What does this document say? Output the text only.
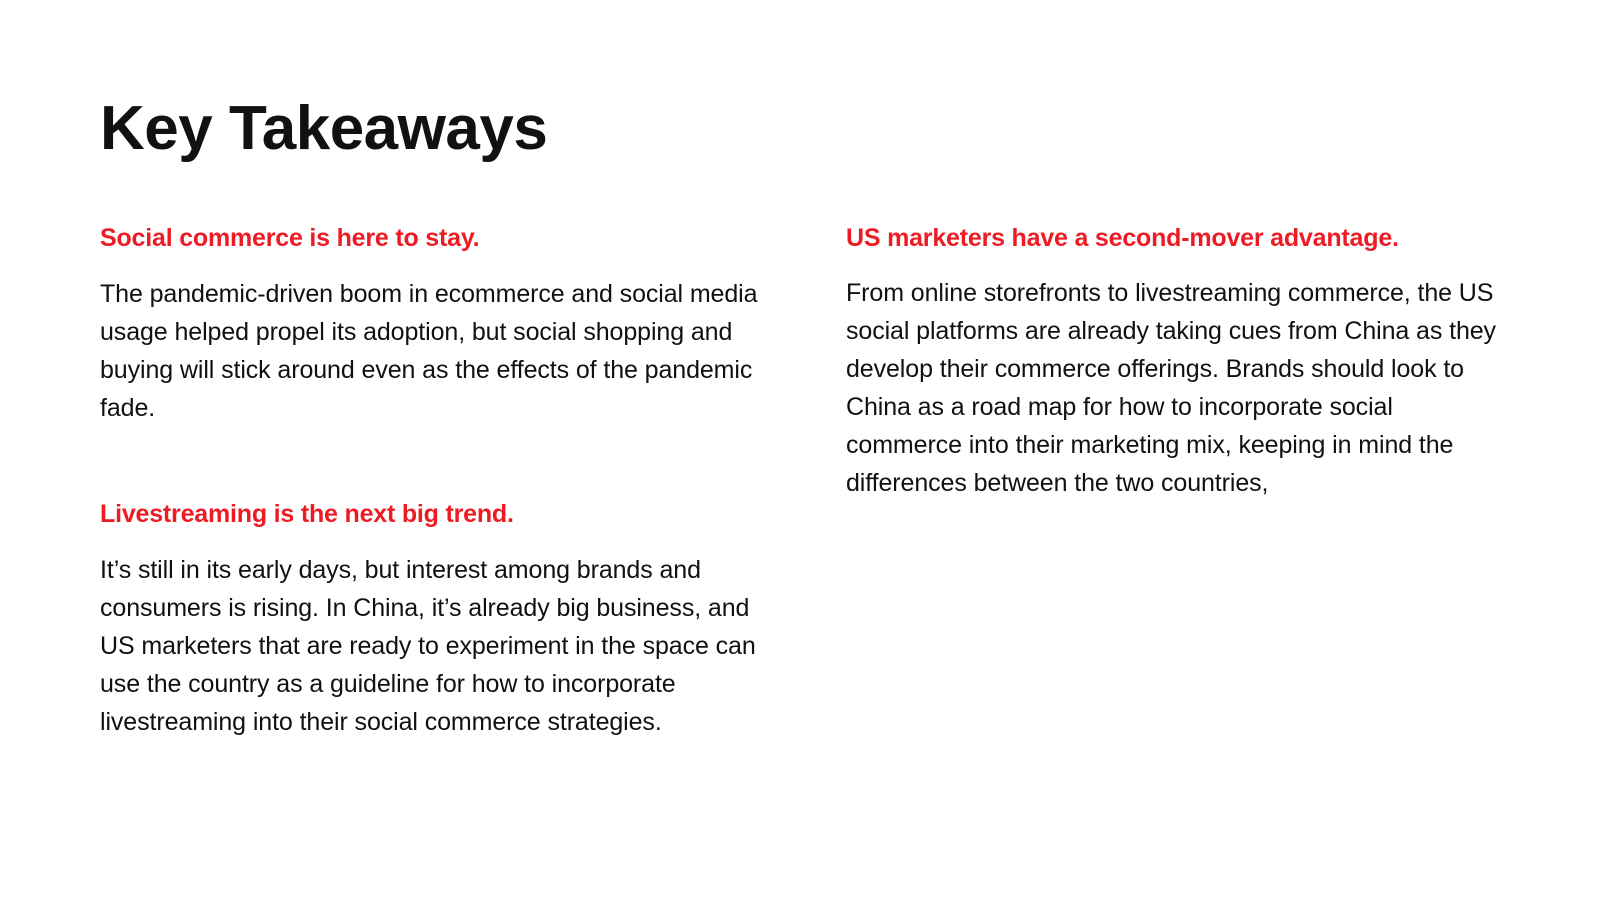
Key Takeaways
Social commerce is here to stay.

The pandemic-driven boom in ecommerce and social media usage helped propel its adoption, but social shopping and buying will stick around even as the effects of the pandemic fade.

Livestreaming is the next big trend.

It’s still in its early days, but interest among brands and consumers is rising. In China, it’s already big business, and US marketers that are ready to experiment in the space can use the country as a guideline for how to incorporate livestreaming into their social commerce strategies.

US marketers have a second-mover advantage.

From online storefronts to livestreaming commerce, the US social platforms are already taking cues from China as they develop their commerce offerings. Brands should look to China as a road map for how to incorporate social commerce into their marketing mix, keeping in mind the differences between the two countries,
